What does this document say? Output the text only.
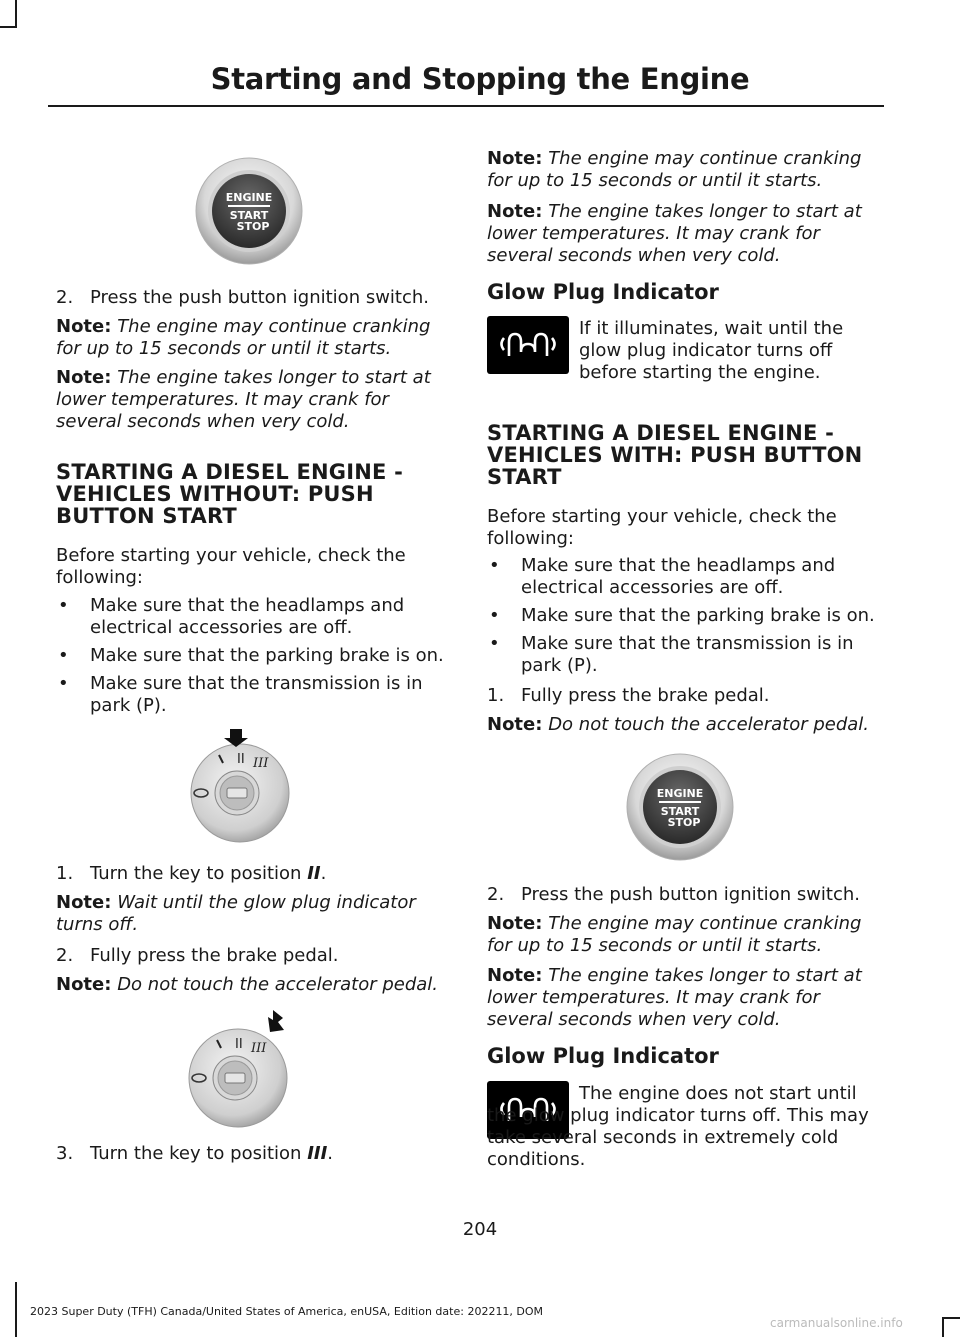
Starting and Stopping the Engine
ENGINE
START
STOP

2. Press the push button ignition switch.

Note: The engine may continue cranking for up to 15 seconds or until it starts.

Note: The engine takes longer to start at lower temperatures. It may crank for several seconds when very cold.

STARTING A DIESEL ENGINE - VEHICLES WITHOUT: PUSH BUTTON START

Before starting your vehicle, check the following:

•	Make sure that the headlamps and electrical accessories are off.

•	Make sure that the parking brake is on.

•	Make sure that the transmission is in park (P).

II III

1. Turn the key to position II.

Note: Wait until the glow plug indicator turns off.

2. Fully press the brake pedal.

Note: Do not touch the accelerator pedal.

II III

3. Turn the key to position III.

Note: The engine may continue cranking for up to 15 seconds or until it starts.

Note: The engine takes longer to start at lower temperatures. It may crank for several seconds when very cold.

Glow Plug Indicator

If it illuminates, wait until the glow plug indicator turns off before starting the engine.

STARTING A DIESEL ENGINE - VEHICLES WITH: PUSH BUTTON START

Before starting your vehicle, check the following:

•	Make sure that the headlamps and electrical accessories are off.

•	Make sure that the parking brake is on.

•	Make sure that the transmission is in park (P).

1. Fully press the brake pedal.

Note: Do not touch the accelerator pedal.

ENGINE
START
STOP

2. Press the push button ignition switch.

Note: The engine may continue cranking for up to 15 seconds or until it starts.

Note: The engine takes longer to start at lower temperatures. It may crank for several seconds when very cold.

Glow Plug Indicator

The engine does not start until the glow plug indicator turns off. This may take several seconds in extremely cold conditions.

204
2023 Super Duty (TFH) Canada/United States of America, enUSA, Edition date: 202211, DOM
carmanualsonline.info
